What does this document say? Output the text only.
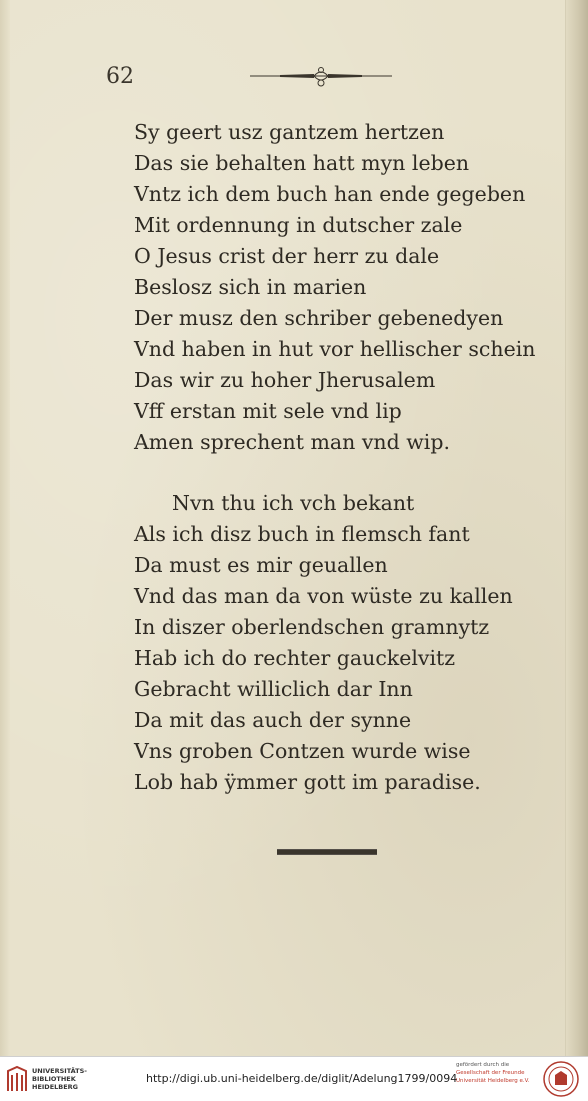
62
Sy geert usz gantzem hertzen
Das sie behalten hatt myn leben
Vntz ich dem buch han ende gegeben
Mit ordennung in dutscher zale
O Jesus crist der herr zu dale
Beslosz sich in marien
Der musz den schriber gebenedyen
Vnd haben in hut vor hellischer schein
Das wir zu hoher Jherusalem
Vff erstan mit sele vnd lip
Amen sprechent man vnd wip.
Nvn thu ich vch bekant
Als ich disz buch in flemsch fant
Da must es mir geuallen
Vnd das man da von wüste zu kallen
In diszer oberlendschen gramnytz
Hab ich do rechter gauckelvitz
Gebracht williclich dar Inn
Da mit das auch der synne
Vns groben Contzen wurde wise
Lob hab ÿmmer gott im paradise.
UNIVERSITÄTS-
BIBLIOTHEK
HEIDELBERG
http://digi.ub.uni-heidelberg.de/diglit/Adelung1799/0094
gefördert durch die
Gesellschaft der Freunde
Universität Heidelberg e.V.
